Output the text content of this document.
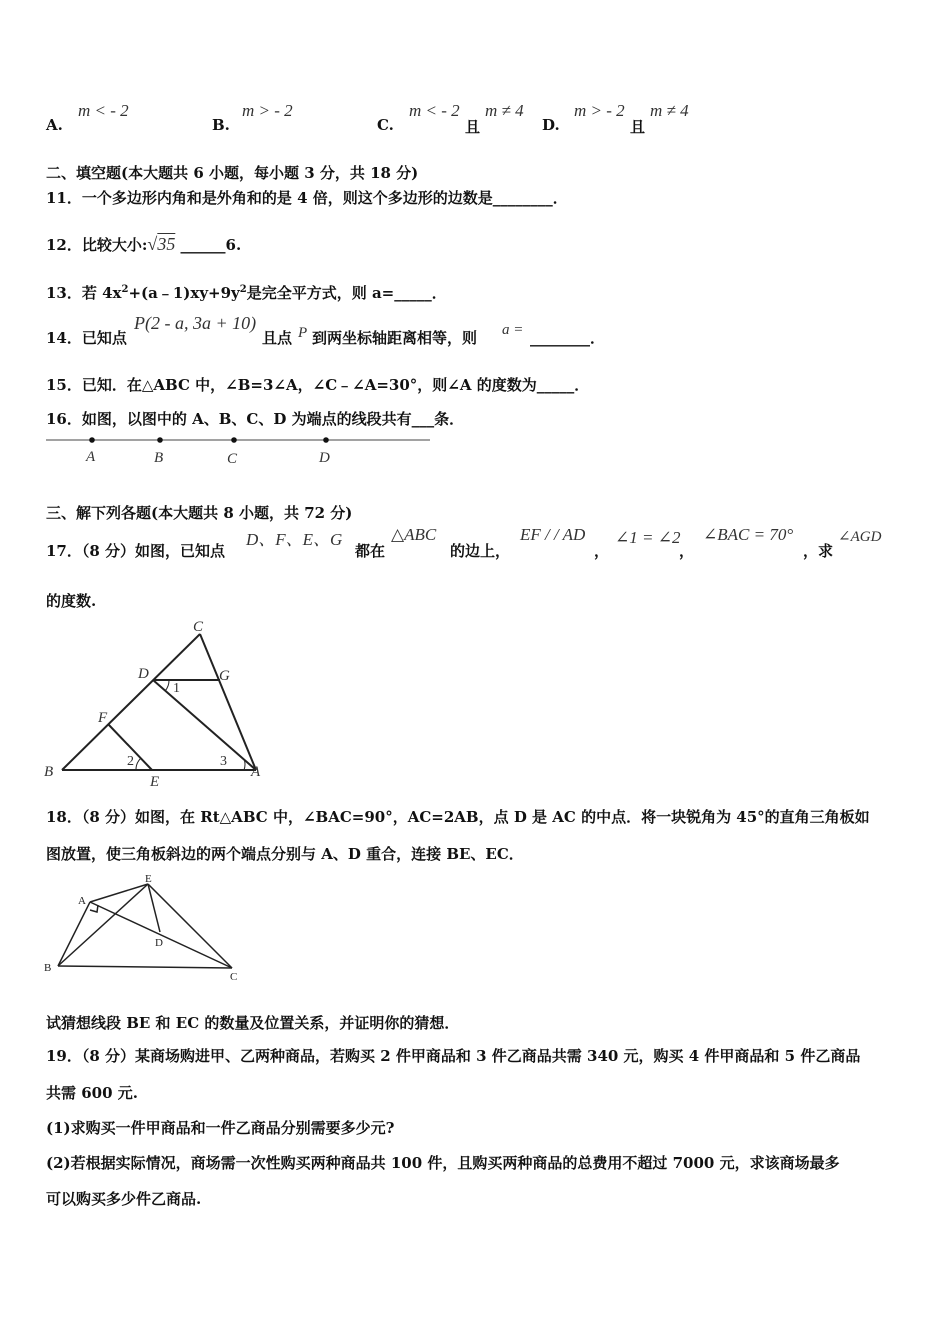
A.
m < - 2
B.
m > - 2
C.
m < - 2
且
m ≠ 4
D.
m > - 2
且
m ≠ 4
二、填空题(本大题共 6 小题，每小题 3 分，共 18 分)
11．一个多边形内角和是外角和的是 4 倍，则这个多边形的边数是________．
12．比较大小:√35 ______6.
13．若 $4x^2+(a﹣1)xy+9y^2$是完全平方式，则 a=_____．
14．已知点
P(2 - a, 3a + 10)
且点 P 到两坐标轴距离相等，则 a = ________．
15．已知．在△ABC 中，∠B=3∠A，∠C﹣∠A=30°，则∠A 的度数为_____．
16．如图，以图中的 A、B、C、D 为端点的线段共有___条．
A	B	C	D
三、解下列各题(本大题共 8 小题，共 72 分)
17．（8 分）如图，已知点
D、F、E、G
都在
△ABC
的边上，
EF / / AD
，
∠1 = ∠2
，
∠BAC = 70°
，求
∠AGD
的度数.
C
D	G
F
B
E
A
1
2	3
18．（8 分）如图，在 Rt△ABC 中，∠BAC=90°，AC=2AB，点 D 是 AC 的中点．将一块锐角为 45°的直角三角板如
图放置，使三角板斜边的两个端点分别与 A、D 重合，连接 BE、EC．
A
E
D
B
C
试猜想线段 BE 和 EC 的数量及位置关系，并证明你的猜想．
19．（8 分）某商场购进甲、乙两种商品，若购买 2 件甲商品和 3 件乙商品共需 340 元，购买 4 件甲商品和 5 件乙商品
共需 600 元.
(1)求购买一件甲商品和一件乙商品分别需要多少元?
(2)若根据实际情况，商场需一次性购买两种商品共 100 件，且购买两种商品的总费用不超过 7000 元，求该商场最多
可以购买多少件乙商品.
